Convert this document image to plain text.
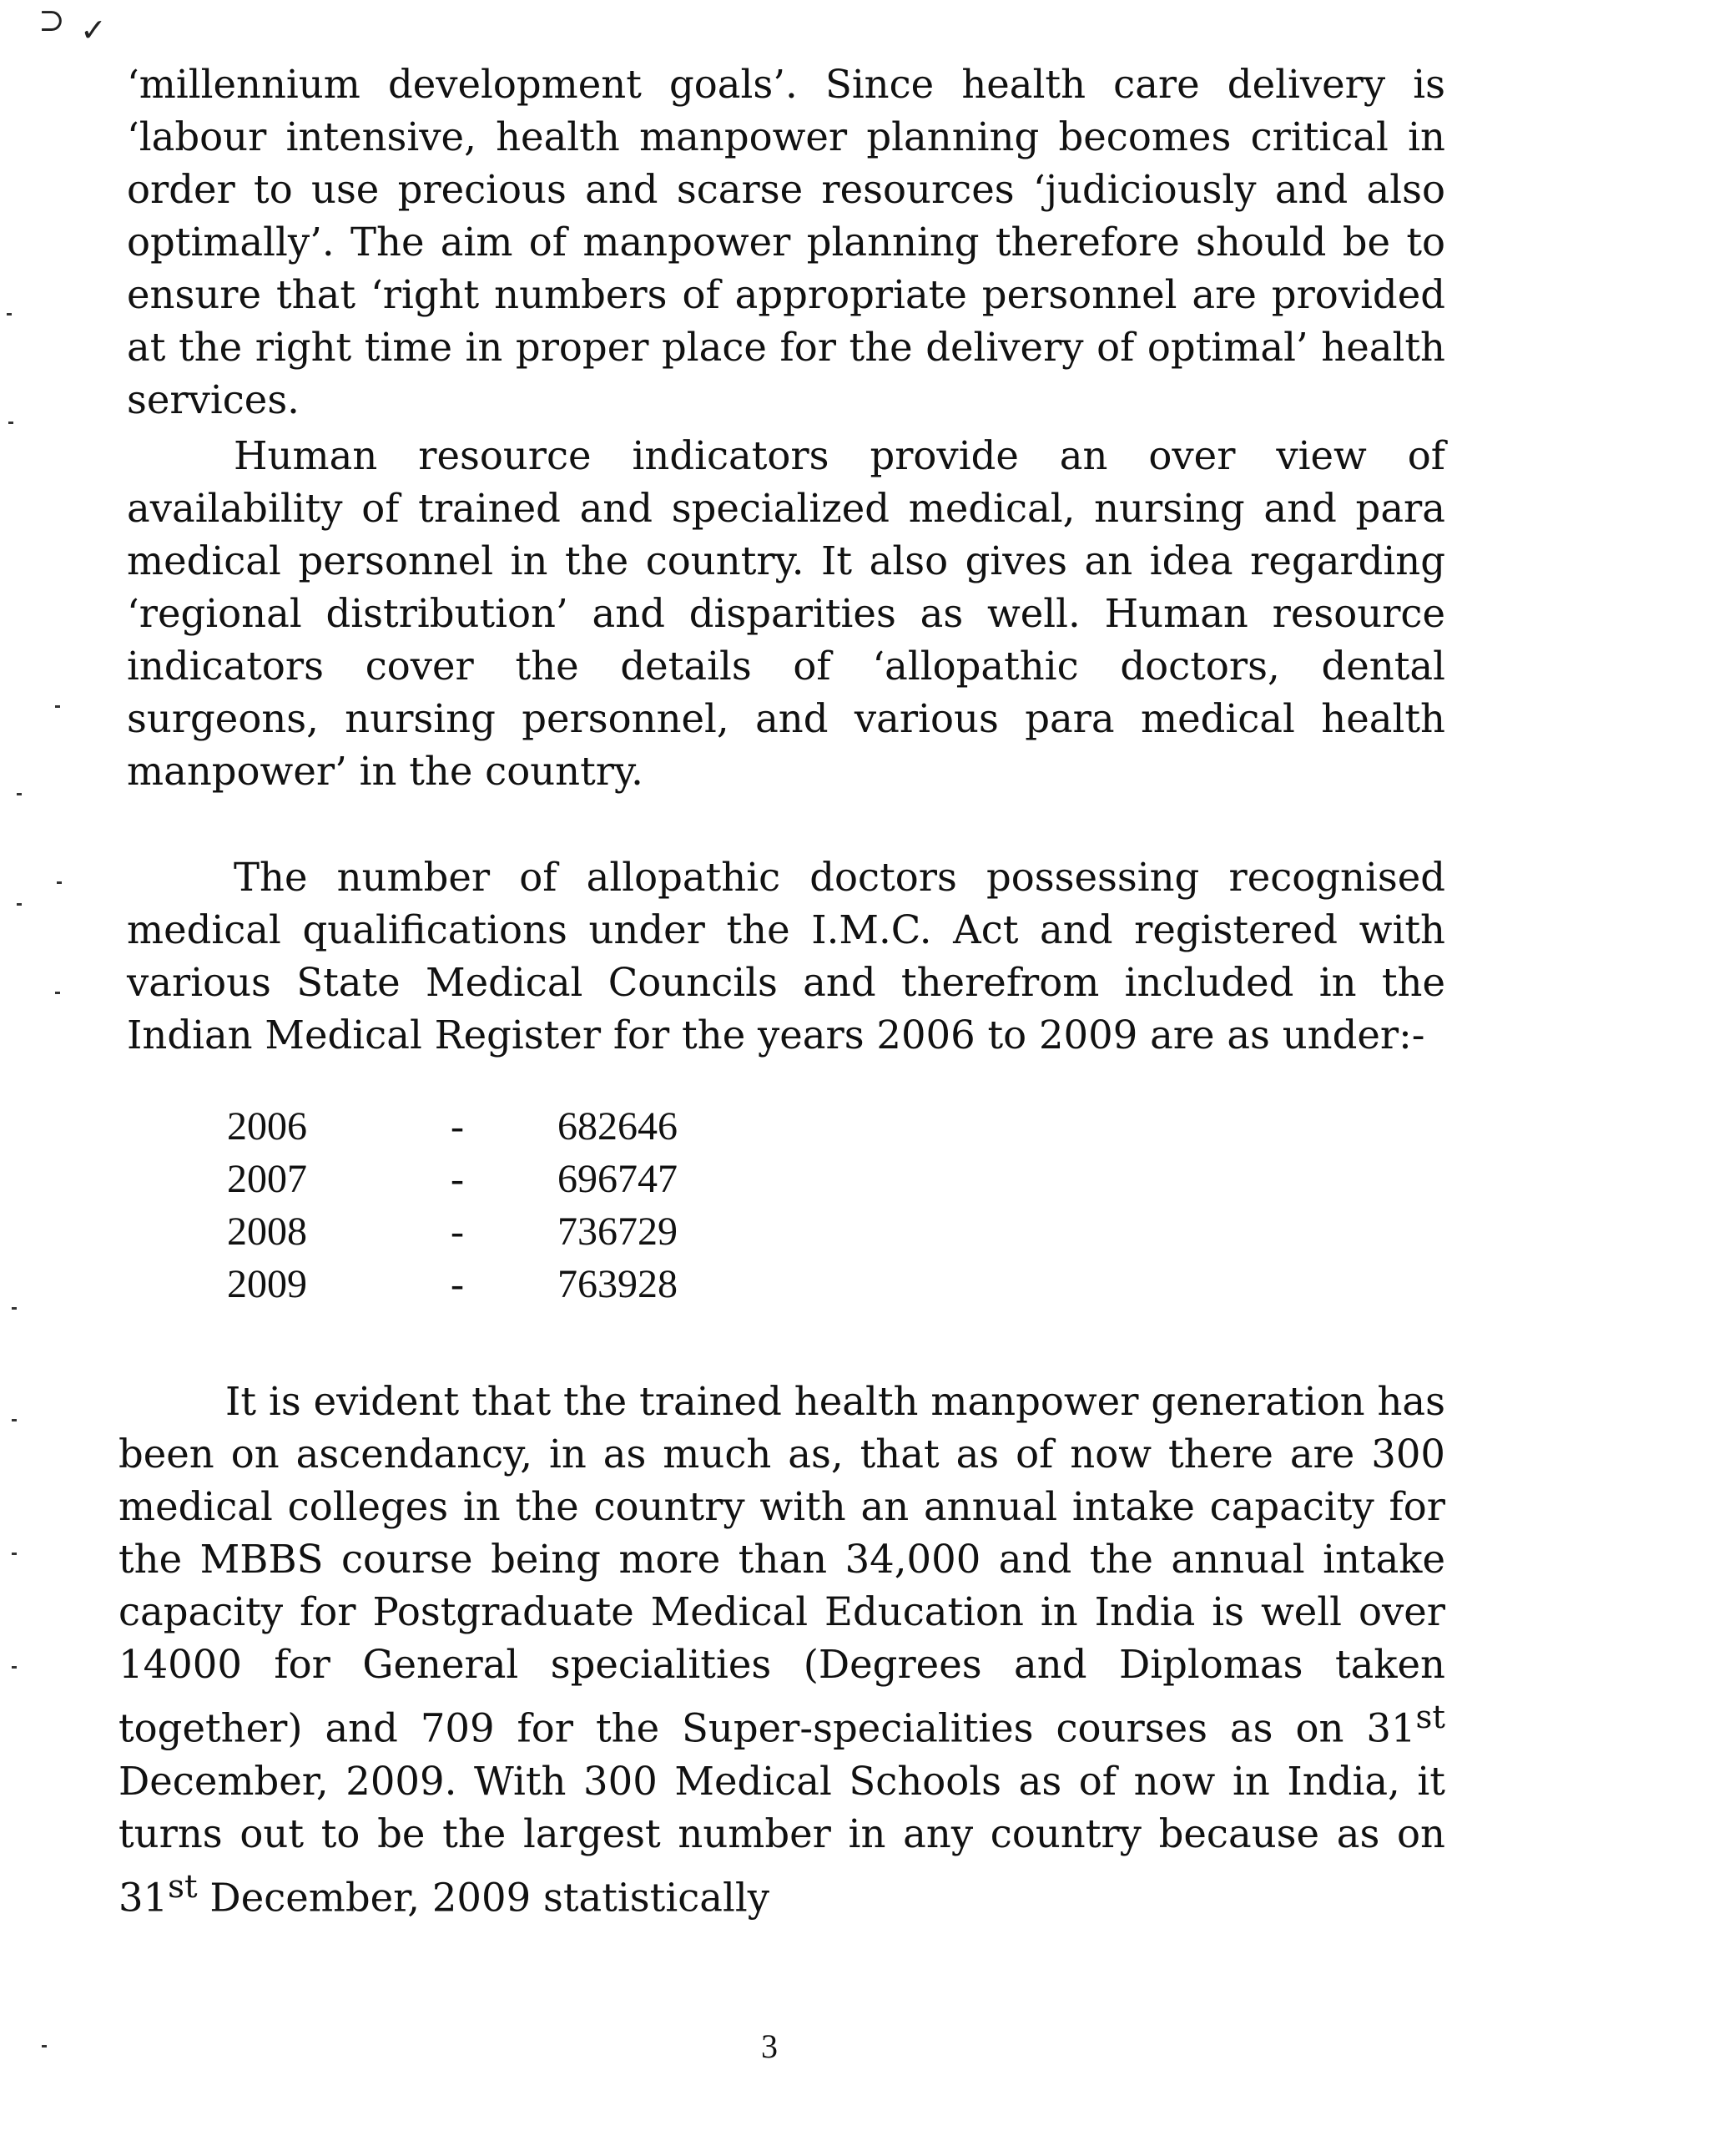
⊃ ✓

‘millennium development goals’. Since health care delivery is ‘labour intensive, health manpower planning becomes critical in order to use precious and scarse resources ‘judiciously and also optimally’. The aim of manpower planning therefore should be to ensure that ‘right numbers of appropriate personnel are provided at the right time in proper place for the delivery of optimal’ health services.

Human resource indicators provide an over view of availability of trained and specialized medical, nursing and para medical personnel in the country. It also gives an idea regarding ‘regional distribution’ and disparities as well. Human resource indicators cover the details of ‘allopathic doctors, dental surgeons, nursing personnel, and various para medical health manpower’ in the country.

The number of allopathic doctors possessing recognised medical qualifications under the I.M.C. Act and registered with various State Medical Councils and therefrom included in the Indian Medical Register for the years 2006 to 2009 are as under:-

2006	-	682646
2007	-	696747
2008	-	736729
2009	-	763928

It is evident that the trained health manpower generation has been on ascendancy, in as much as, that as of now there are 300 medical colleges in the country with an annual intake capacity for the MBBS course being more than 34,000 and the annual intake capacity for Postgraduate Medical Education in India is well over 14000 for General specialities (Degrees and Diplomas taken together) and 709 for the Super-specialities courses as on 31st December, 2009. With 300 Medical Schools as of now in India, it turns out to be the largest number in any country because as on 31st December, 2009 statistically

3
